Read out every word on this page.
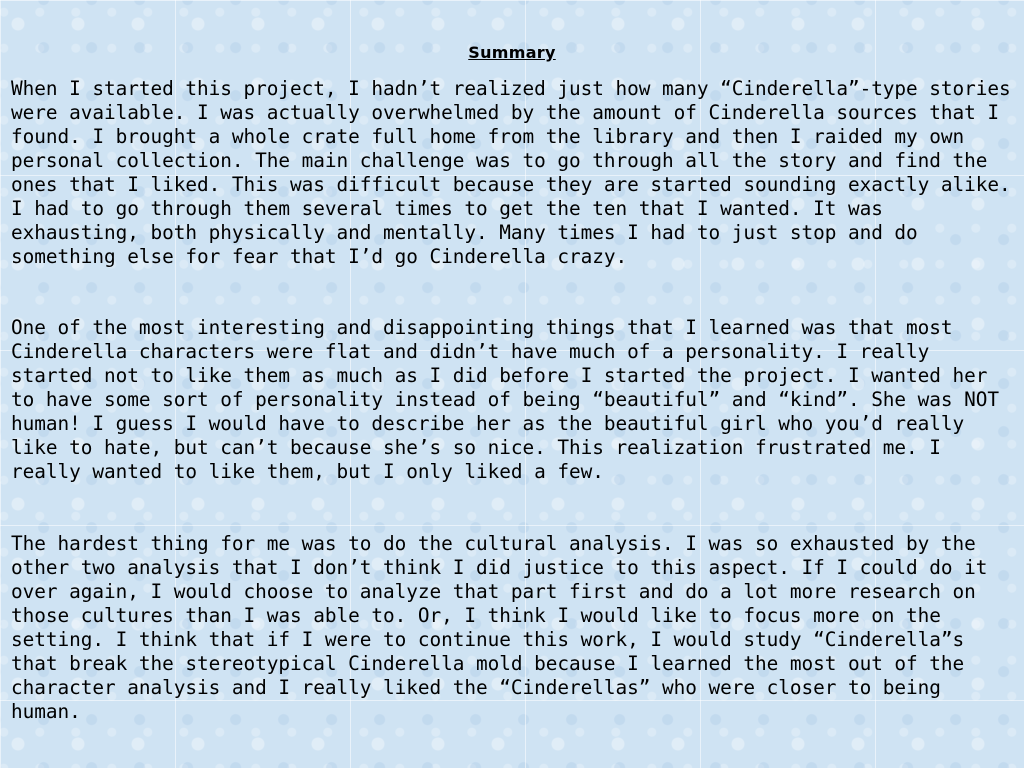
Summary

When I started this project, I hadn’t realized just how many “Cinderella”-type stories were available. I was actually overwhelmed by the amount of Cinderella sources that I found. I brought a whole crate full home from the library and then I raided my own personal collection. The main challenge was to go through all the story and find the ones that I liked. This was difficult because they are started sounding exactly alike. I had to go through them several times to get the ten that I wanted. It was exhausting, both physically and mentally. Many times I had to just stop and do something else for fear that I’d go Cinderella crazy.

One of the most interesting and disappointing things that I learned was that most Cinderella characters were flat and didn’t have much of a personality. I really started not to like them as much as I did before I started the project. I wanted her to have some sort of personality instead of being “beautiful” and “kind”. She was NOT human! I guess I would have to describe her as the beautiful girl who you’d really like to hate, but can’t because she’s so nice. This realization frustrated me. I really wanted to like them, but I only liked a few.

The hardest thing for me was to do the cultural analysis. I was so exhausted by the other two analysis that I don’t think I did justice to this aspect. If I could do it over again, I would choose to analyze that part first and do a lot more research on those cultures than I was able to. Or, I think I would like to focus more on the setting. I think that if I were to continue this work, I would study “Cinderella”s that break the stereotypical Cinderella mold because I learned the most out of the character analysis and I really liked the “Cinderellas” who were closer to being human.
